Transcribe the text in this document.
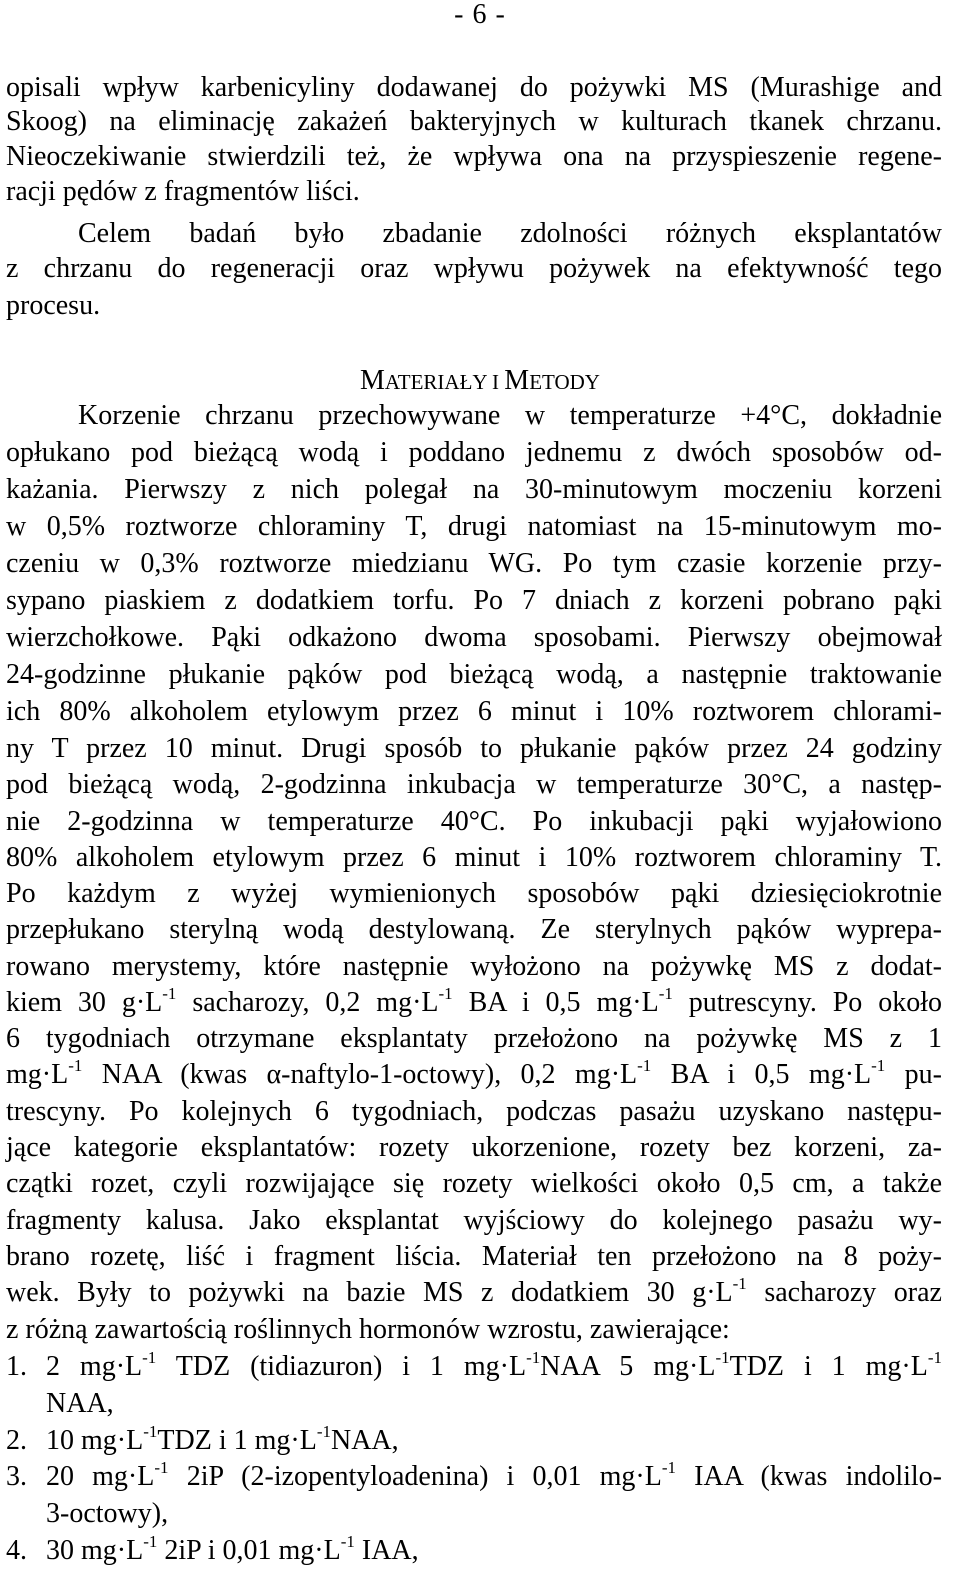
- 6 -
opisali wpływ karbenicyliny dodawanej do pożywki MS (Murashige and
Skoog) na eliminację zakażeń bakteryjnych w kulturach tkanek chrzanu.
Nieoczekiwanie stwierdzili też, że wpływa ona na przyspieszenie regene-
racji pędów z fragmentów liści.
Celem badań było zbadanie zdolności różnych eksplantatów
z chrzanu do regeneracji oraz wpływu pożywek na efektywność tego
procesu.
MATERIAŁY I METODY
Korzenie chrzanu przechowywane w temperaturze +4°C, dokładnie
opłukano pod bieżącą wodą i poddano jednemu z dwóch sposobów od-
każania. Pierwszy z nich polegał na 30-minutowym moczeniu korzeni
w 0,5% roztworze chloraminy T, drugi natomiast na 15-minutowym mo-
czeniu w 0,3% roztworze miedzianu WG. Po tym czasie korzenie przy-
sypano piaskiem z dodatkiem torfu. Po 7 dniach z korzeni pobrano pąki
wierzchołkowe. Pąki odkażono dwoma sposobami. Pierwszy obejmował
24-godzinne płukanie pąków pod bieżącą wodą, a następnie traktowanie
ich 80% alkoholem etylowym przez 6 minut i 10% roztworem chlorami-
ny T przez 10 minut. Drugi sposób to płukanie pąków przez 24 godziny
pod bieżącą wodą, 2-godzinna inkubacja w temperaturze 30°C, a następ-
nie 2-godzinna w temperaturze 40°C. Po inkubacji pąki wyjałowiono
80% alkoholem etylowym przez 6 minut i 10% roztworem chloraminy T.
Po każdym z wyżej wymienionych sposobów pąki dziesięciokrotnie
przepłukano sterylną wodą destylowaną. Ze sterylnych pąków wyprepa-
rowano merystemy, które następnie wyłożono na pożywkę MS z dodat-
kiem 30 $g\cdot L^{-1}$ sacharozy, 0,2 $mg\cdot L^{-1}$ BA i 0,5 $mg\cdot L^{-1}$ putrescyny. Po około
6 tygodniach otrzymane eksplantaty przełożono na pożywkę MS z 1
$mg\cdot L^{-1}$ NAA (kwas α-naftylo-1-octowy), 0,2 $mg\cdot L^{-1}$ BA i 0,5 $mg\cdot L^{-1}$ pu-
trescyny. Po kolejnych 6 tygodniach, podczas pasażu uzyskano następu-
jące kategorie eksplantatów: rozety ukorzenione, rozety bez korzeni, za-
czątki rozet, czyli rozwijające się rozety wielkości około 0,5 cm, a także
fragmenty kalusa. Jako eksplantat wyjściowy do kolejnego pasażu wy-
brano rozetę, liść i fragment liścia. Materiał ten przełożono na 8 poży-
wek. Były to pożywki na bazie MS z dodatkiem 30 $g\cdot L^{-1}$ sacharozy oraz
z różną zawartością roślinnych hormonów wzrostu, zawierające:
1. 2 $mg\cdot L^{-1}$ TDZ (tidiazuron) i 1 $mg\cdot L^{-1}NAA$ 5 $mg\cdot L^{-1}TDZ$ i 1 $mg\cdot L^{-1}$
NAA,
2. 10 $mg\cdot L^{-1}TDZ$ i 1 $mg\cdot L^{-1}NAA$,
3. 20 $mg\cdot L^{-1}$ 2iP (2-izopentyloadenina) i 0,01 $mg\cdot L^{-1}$ IAA (kwas indolilo-
3-octowy),
4. 30 $mg\cdot L^{-1}$ 2iP i 0,01 $mg\cdot L^{-1}$ IAA,
